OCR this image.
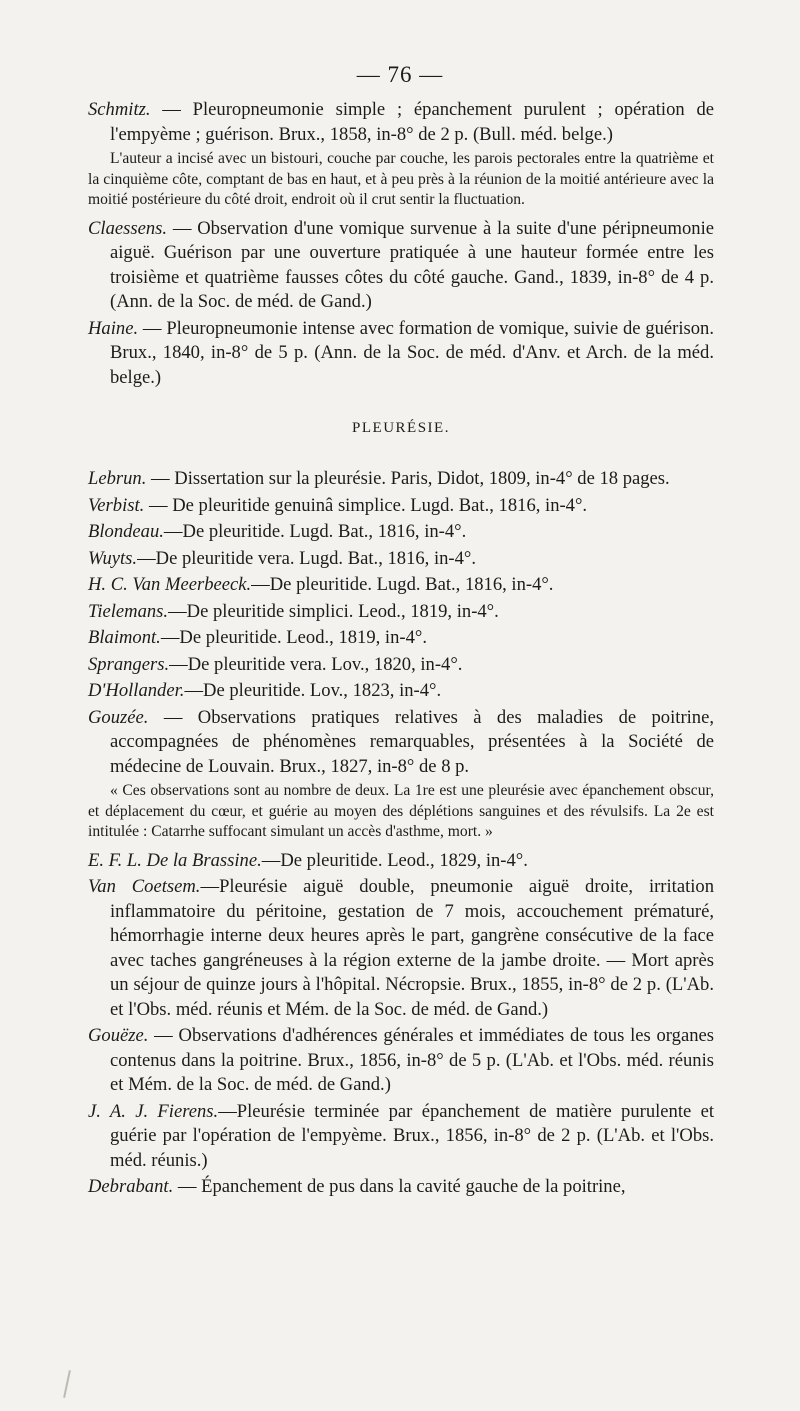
— 76 —

Schmitz. — Pleuropneumonie simple ; épanchement purulent ; opération de l'empyème ; guérison. Brux., 1858, in-8° de 2 p. (Bull. méd. belge.)

L'auteur a incisé avec un bistouri, couche par couche, les parois pectorales entre la quatrième et la cinquième côte, comptant de bas en haut, et à peu près à la réunion de la moitié antérieure avec la moitié postérieure du côté droit, endroit où il crut sentir la fluctuation.

Claessens. — Observation d'une vomique survenue à la suite d'une péripneumonie aiguë. Guérison par une ouverture pratiquée à une hauteur formée entre les troisième et quatrième fausses côtes du côté gauche. Gand., 1839, in-8° de 4 p. (Ann. de la Soc. de méd. de Gand.)

Haine. — Pleuropneumonie intense avec formation de vomique, suivie de guérison. Brux., 1840, in-8° de 5 p. (Ann. de la Soc. de méd. d'Anv. et Arch. de la méd. belge.)

PLEURÉSIE.

Lebrun. — Dissertation sur la pleurésie. Paris, Didot, 1809, in-4° de 18 pages.

Verbist. — De pleuritide genuinâ simplice. Lugd. Bat., 1816, in-4°.

Blondeau.—De pleuritide. Lugd. Bat., 1816, in-4°.

Wuyts.—De pleuritide vera. Lugd. Bat., 1816, in-4°.

H. C. Van Meerbeeck.—De pleuritide. Lugd. Bat., 1816, in-4°.

Tielemans.—De pleuritide simplici. Leod., 1819, in-4°.

Blaimont.—De pleuritide. Leod., 1819, in-4°.

Sprangers.—De pleuritide vera. Lov., 1820, in-4°.

D'Hollander.—De pleuritide. Lov., 1823, in-4°.

Gouzée. — Observations pratiques relatives à des maladies de poitrine, accompagnées de phénomènes remarquables, présentées à la Société de médecine de Louvain. Brux., 1827, in-8° de 8 p.

« Ces observations sont au nombre de deux. La 1re est une pleurésie avec épanchement obscur, et déplacement du cœur, et guérie au moyen des déplétions sanguines et des révulsifs. La 2e est intitulée : Catarrhe suffocant simulant un accès d'asthme, mort. »

E. F. L. De la Brassine.—De pleuritide. Leod., 1829, in-4°.

Van Coetsem.—Pleurésie aiguë double, pneumonie aiguë droite, irritation inflammatoire du péritoine, gestation de 7 mois, accouchement prématuré, hémorrhagie interne deux heures après le part, gangrène consécutive de la face avec taches gangréneuses à la région externe de la jambe droite. — Mort après un séjour de quinze jours à l'hôpital. Nécropsie. Brux., 1855, in-8° de 2 p. (L'Ab. et l'Obs. méd. réunis et Mém. de la Soc. de méd. de Gand.)

Gouëze. — Observations d'adhérences générales et immédiates de tous les organes contenus dans la poitrine. Brux., 1856, in-8° de 5 p. (L'Ab. et l'Obs. méd. réunis et Mém. de la Soc. de méd. de Gand.)

J. A. J. Fierens.—Pleurésie terminée par épanchement de matière purulente et guérie par l'opération de l'empyème. Brux., 1856, in-8° de 2 p. (L'Ab. et l'Obs. méd. réunis.)

Debrabant. — Épanchement de pus dans la cavité gauche de la poitrine,
